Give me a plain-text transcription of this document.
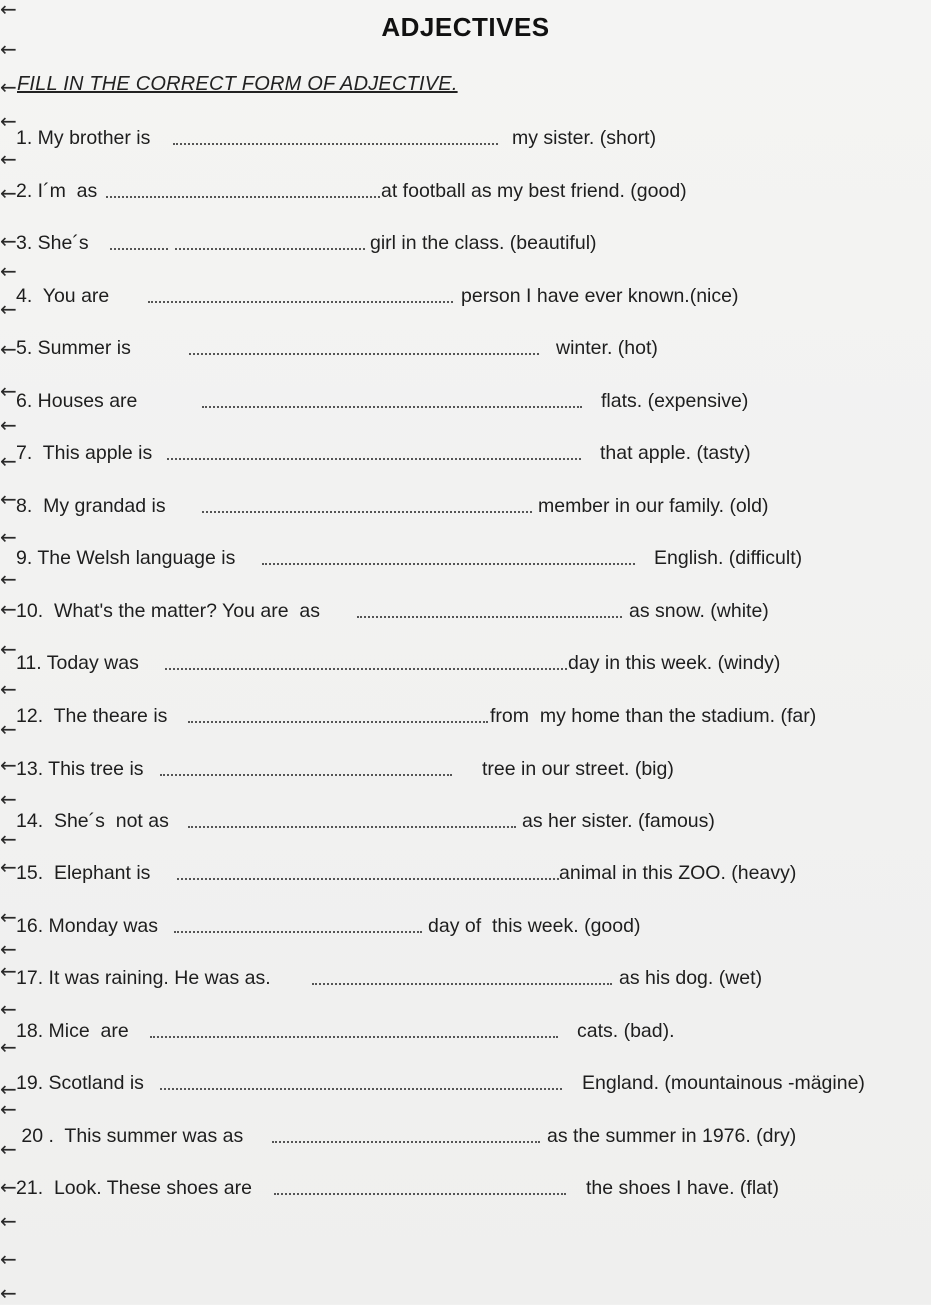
←
←
←
←
←
←
←
←
←
←
←
←
←
←
←
←
←
←
←
←
←
←
←
←
←
←
←
←
←
←
←
←
←
←
←
←
ADJECTIVES
FILL IN THE CORRECT FORM OF ADJECTIVE.
1. My brother is	my sister. (short)
2. I´m  as	at football as my best friend. (good)
3. She´s	girl in the class. (beautiful)
4.  You are	person I have ever known.(nice)
5. Summer is	winter. (hot)
6. Houses are	flats. (expensive)
7.  This apple is	that apple. (tasty)
8.  My grandad is	member in our family. (old)
9. The Welsh language is	English. (difficult)
10.  What's the matter? You are  as	as snow. (white)
11. Today was	day in this week. (windy)
12.  The theare is	from  my home than the stadium. (far)
13. This tree is	tree in our street. (big)
14.  She´s  not as	as her sister. (famous)
15.  Elephant is	animal in this ZOO. (heavy)
16. Monday was	day of  this week. (good)
17. It was raining. He was as.	as his dog. (wet)
18. Mice  are	cats. (bad).
19. Scotland is	England. (mountainous -mägine)
20 .  This summer was as	as the summer in 1976. (dry)
21.  Look. These shoes are	the shoes I have. (flat)
